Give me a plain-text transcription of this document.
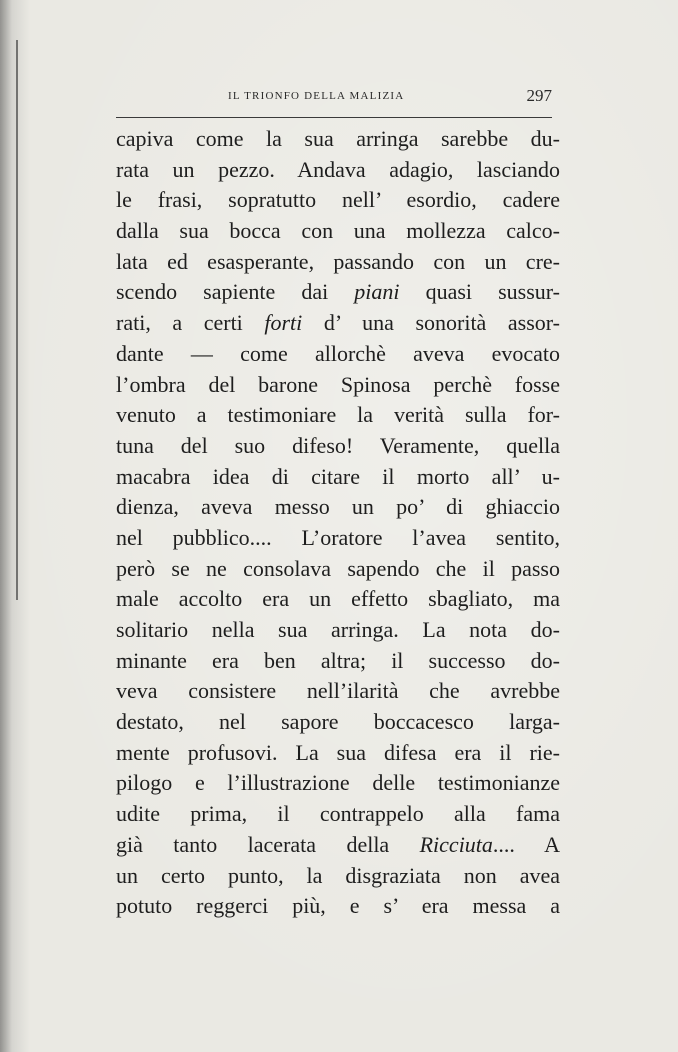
IL TRIONFO DELLA MALIZIA	297
capiva come la sua arringa sarebbe du-
rata un pezzo. Andava adagio, lasciando
le frasi, sopratutto nell’ esordio, cadere
dalla sua bocca con una mollezza calco-
lata ed esasperante, passando con un cre-
scendo sapiente dai piani quasi sussur-
rati, a certi forti d’ una sonorità assor-
dante — come allorchè aveva evocato
l’ombra del barone Spinosa perchè fosse
venuto a testimoniare la verità sulla for-
tuna del suo difeso! Veramente, quella
macabra idea di citare il morto all’ u-
dienza, aveva messo un po’ di ghiaccio
nel pubblico.... L’oratore l’avea sentito,
però se ne consolava sapendo che il passo
male accolto era un effetto sbagliato, ma
solitario nella sua arringa. La nota do-
minante era ben altra; il successo do-
veva consistere nell’ilarità che avrebbe
destato, nel sapore boccacesco larga-
mente profusovi. La sua difesa era il rie-
pilogo e l’illustrazione delle testimonianze
udite prima, il contrappelo alla fama
già tanto lacerata della Ricciuta.... A
un certo punto, la disgraziata non avea
potuto reggerci più, e s’ era messa a
